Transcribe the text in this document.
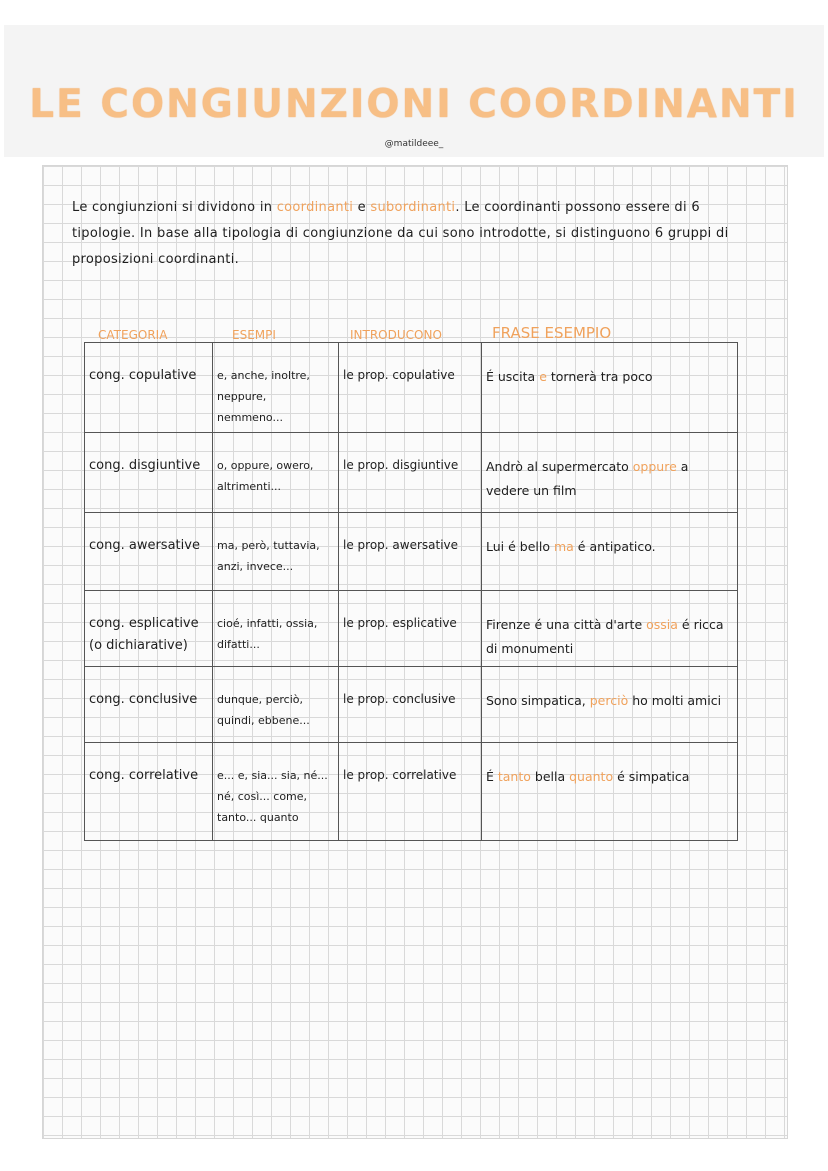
LE CONGIUNZIONI COORDINANTI
@matildeee_

Le congiunzioni si dividono in coordinanti e subordinanti. Le coordinanti possono essere di 6 tipologie. In base alla tipologia di congiunzione da cui sono introdotte, si distinguono 6 gruppi di proposizioni coordinanti.

CATEGORIA	ESEMPI	INTRODUCONO	FRASE ESEMPIO
cong. copulative	e, anche, inoltre, neppure, nemmeno...	le prop. copulative	É uscita e tornerà tra poco
cong. disgiuntive	o, oppure, owero, altrimenti...	le prop. disgiuntive	Andrò al supermercato oppure a vedere un film
cong. awersative	ma, però, tuttavia, anzi, invece...	le prop. awersative	Lui é bello ma é antipatico.
cong. esplicative (o dichiarative)	cioé, infatti, ossia, difatti...	le prop. esplicative	Firenze é una città d'arte ossia é ricca di monumenti
cong. conclusive	dunque, perciò, quindi, ebbene...	le prop. conclusive	Sono simpatica, perciò ho molti amici
cong. correlative	e... e, sia... sia, né... né, così... come, tanto... quanto	le prop. correlative	É tanto bella quanto é simpatica
